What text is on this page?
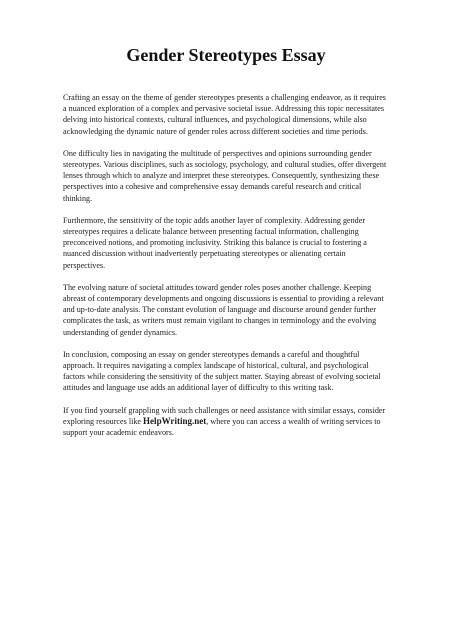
Gender Stereotypes Essay

Crafting an essay on the theme of gender stereotypes presents a challenging endeavor, as it requires a nuanced exploration of a complex and pervasive societal issue. Addressing this topic necessitates delving into historical contexts, cultural influences, and psychological dimensions, while also acknowledging the dynamic nature of gender roles across different societies and time periods.

One difficulty lies in navigating the multitude of perspectives and opinions surrounding gender stereotypes. Various disciplines, such as sociology, psychology, and cultural studies, offer divergent lenses through which to analyze and interpret these stereotypes. Consequently, synthesizing these perspectives into a cohesive and comprehensive essay demands careful research and critical thinking.

Furthermore, the sensitivity of the topic adds another layer of complexity. Addressing gender stereotypes requires a delicate balance between presenting factual information, challenging preconceived notions, and promoting inclusivity. Striking this balance is crucial to fostering a nuanced discussion without inadvertently perpetuating stereotypes or alienating certain perspectives.

The evolving nature of societal attitudes toward gender roles poses another challenge. Keeping abreast of contemporary developments and ongoing discussions is essential to providing a relevant and up-to-date analysis. The constant evolution of language and discourse around gender further complicates the task, as writers must remain vigilant to changes in terminology and the evolving understanding of gender dynamics.

In conclusion, composing an essay on gender stereotypes demands a careful and thoughtful approach. It requires navigating a complex landscape of historical, cultural, and psychological factors while considering the sensitivity of the subject matter. Staying abreast of evolving societal attitudes and language use adds an additional layer of difficulty to this writing task.

If you find yourself grappling with such challenges or need assistance with similar essays, consider exploring resources like HelpWriting.net, where you can access a wealth of writing services to support your academic endeavors.
